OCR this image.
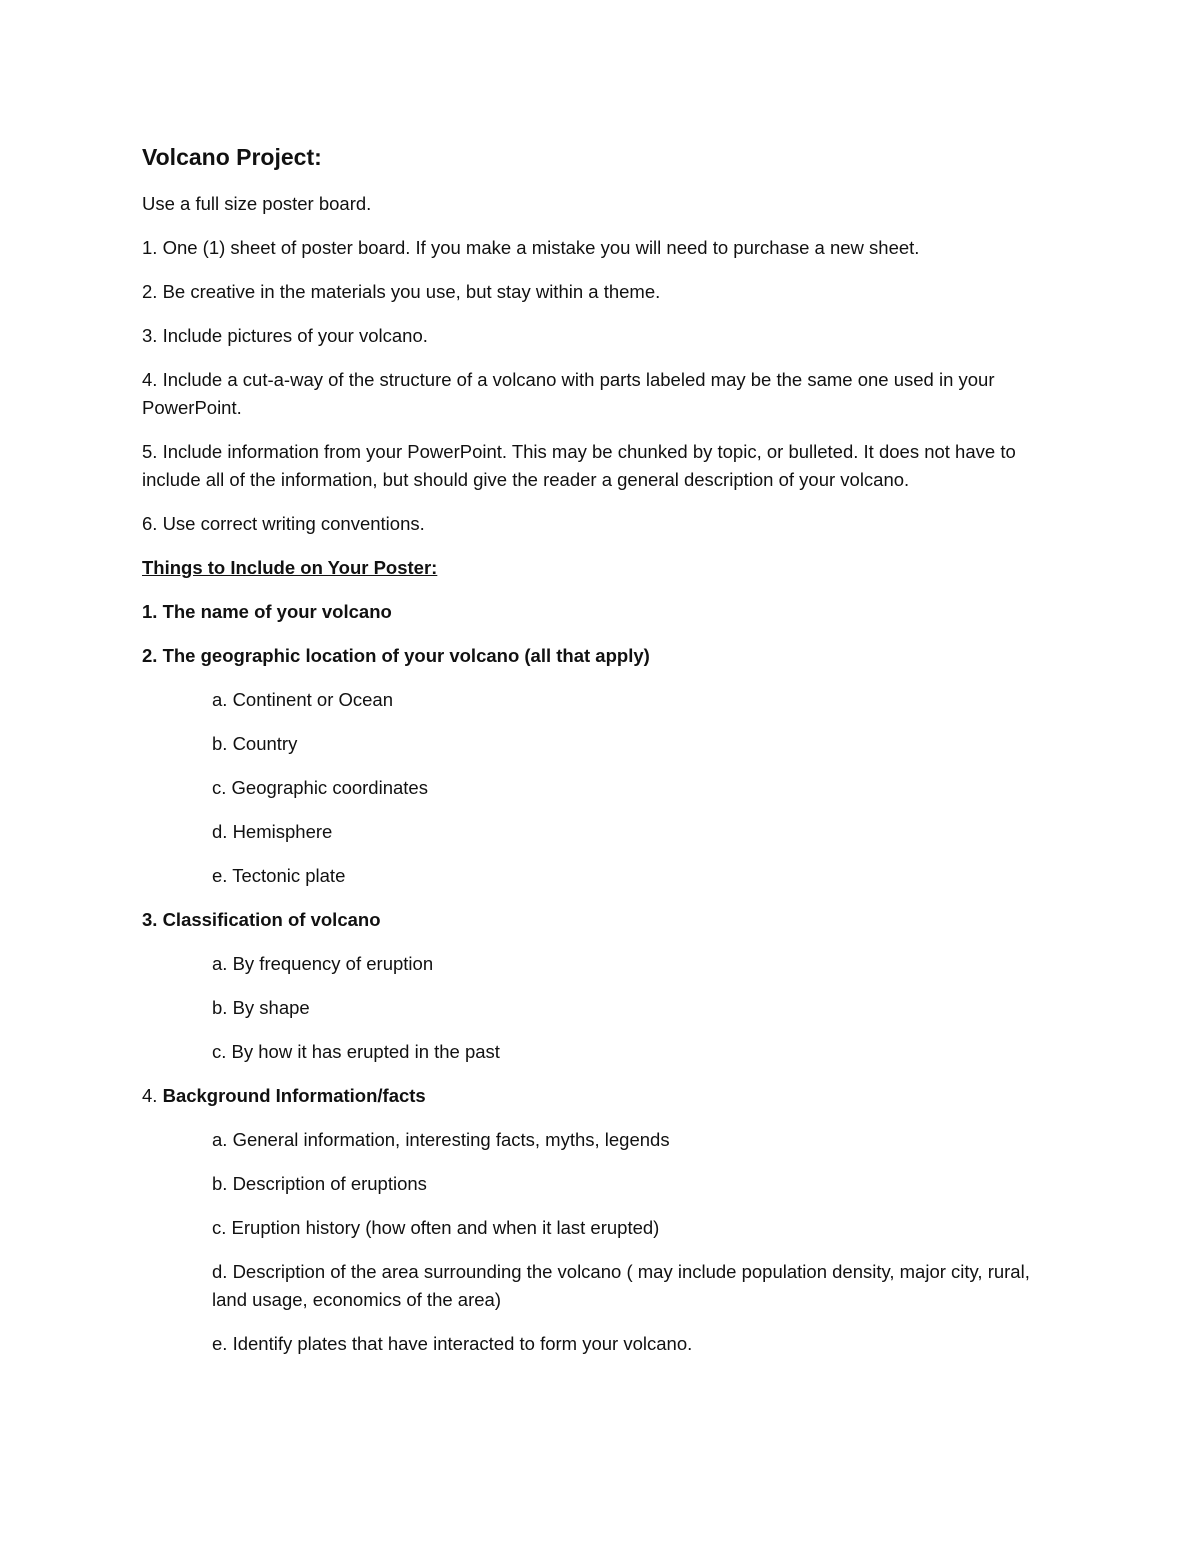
Volcano Project:
Use a full size poster board.
1. One (1) sheet of poster board. If you make a mistake you will need to purchase a new sheet.
2. Be creative in the materials you use, but stay within a theme.
3. Include pictures of your volcano.
4. Include a cut-a-way of the structure of a volcano with parts labeled may be the same one used in your PowerPoint.
5. Include information from your PowerPoint. This may be chunked by topic, or bulleted. It does not have to include all of the information, but should give the reader a general description of your volcano.
6. Use correct writing conventions.
Things to Include on Your Poster:
1. The name of your volcano
2. The geographic location of your volcano (all that apply)
a. Continent or Ocean
b. Country
c. Geographic coordinates
d. Hemisphere
e. Tectonic plate
3. Classification of volcano
a. By frequency of eruption
b. By shape
c. By how it has erupted in the past
4. Background Information/facts
a. General information, interesting facts, myths, legends
b. Description of eruptions
c. Eruption history (how often and when it last erupted)
d. Description of the area surrounding the volcano ( may include population density, major city, rural, land usage, economics of the area)
e. Identify plates that have interacted to form your volcano.
